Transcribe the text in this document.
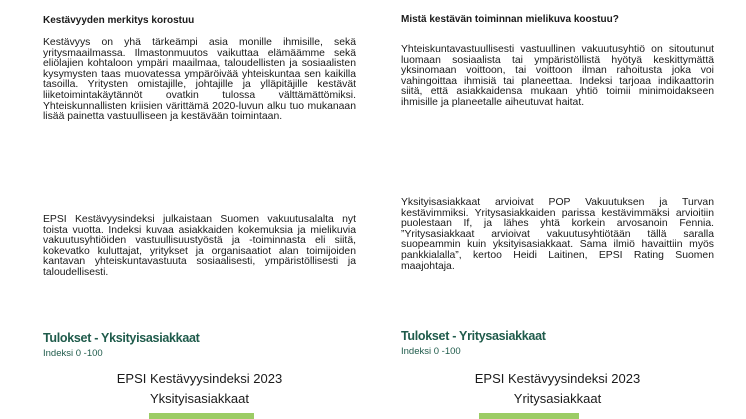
Kestävyyden merkitys korostuu

Kestävyys on yhä tärkeämpi asia monille ihmisille, sekä yritysmaailmassa. Ilmastonmuutos vaikuttaa elämäämme sekä eliölajien kohtaloon ympäri maailmaa, taloudellisten ja sosiaalisten kysymysten taas muovatessa ympäröivää yhteiskuntaa sen kaikilla tasoilla. Yritysten omistajille, johtajille ja ylläpitäjille kestävät liiketoimintakäytännöt ovatkin tulossa välttämättömiksi. Yhteiskunnallisten kriisien värittämä 2020-luvun alku tuo mukanaan lisää painetta vastuulliseen ja kestävään toimintaan.

EPSI Kestävyysindeksi julkaistaan Suomen vakuutusalalta nyt toista vuotta. Indeksi kuvaa asiakkaiden kokemuksia ja mielikuvia vakuutusyhtiöiden vastuullisuustyöstä ja -toiminnasta eli siitä, kokevatko kuluttajat, yritykset ja organisaatiot alan toimijoiden kantavan yhteiskuntavastuuta sosiaalisesti, ympäristöllisesti ja taloudellisesti.

Tulokset - Yksityisasiakkaat
Indeksi 0 -100
EPSI Kestävyysindeksi 2023
Yksityisasiakkaat
Mistä kestävän toiminnan mielikuva koostuu?

Yhteiskuntavastuullisesti vastuullinen vakuutusyhtiö on sitoutunut luomaan sosiaalista tai ympäristöllistä hyötyä keskittymättä yksinomaan voittoon, tai voittoon ilman rahoitusta joka voi vahingoittaa ihmisiä tai planeettaa. Indeksi tarjoaa indikaattorin siitä, että asiakkaidensa mukaan yhtiö toimii minimoidakseen ihmisille ja planeetalle aiheutuvat haitat.

Yksityisasiakkaat arvioivat POP Vakuutuksen ja Turvan kestävimmiksi. Yritysasiakkaiden parissa kestävimmäksi arvioitiin puolestaan If, ja lähes yhtä korkein arvosanoin Fennia. ”Yritysasiakkaat arvioivat vakuutusyhtiötään tällä saralla suopeammin kuin yksityisasiakkaat. Sama ilmiö havaittiin myös pankkialalla”, kertoo Heidi Laitinen, EPSI Rating Suomen maajohtaja.

Tulokset - Yritysasiakkaat
Indeksi 0 -100
EPSI Kestävyysindeksi 2023
Yritysasiakkaat
